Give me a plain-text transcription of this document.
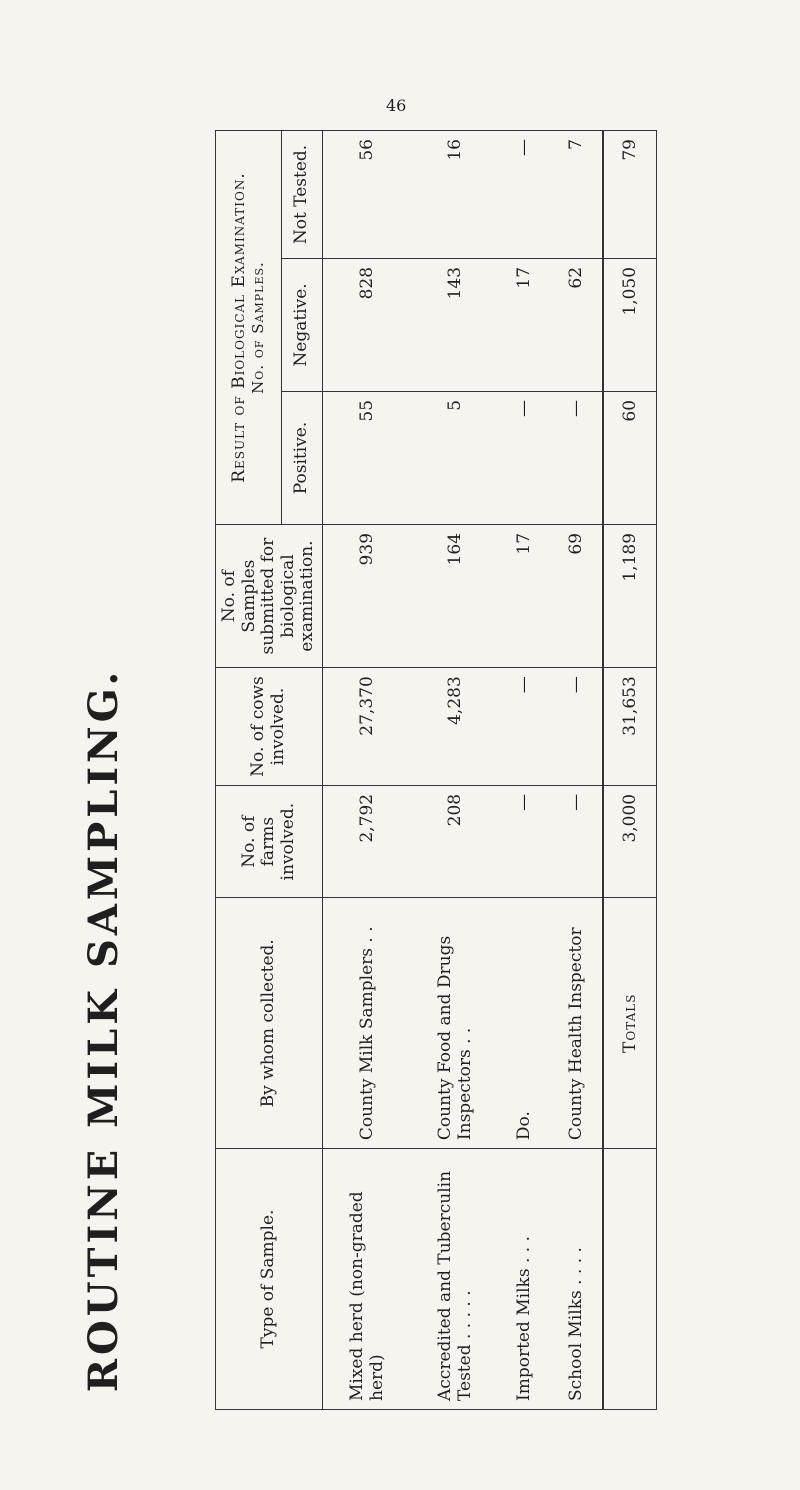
46
ROUTINE MILK SAMPLING.	Type of Sample.	By whom collected.	No. of farms involved.	No. of cows involved.	No. of Samples submitted for biological examination.	Result of Biological Examination. No. of Samples.		

					Positive.	Negative.	Not Tested.
Mixed herd (non-graded herd)	County Milk Samplers . .	2,792	27,370	939	55	828	56
Accredited and Tuberculin Tested . . . . .	County Food and Drugs Inspectors . .	208	4,283	164	5	143	16
Imported Milks . . .	Do.	—	—	17	—	17	—
School Milks . . . .	County Health Inspector	—	—	69	—	62	7
	Totals	3,000	31,653	1,189	60	1,050	79
